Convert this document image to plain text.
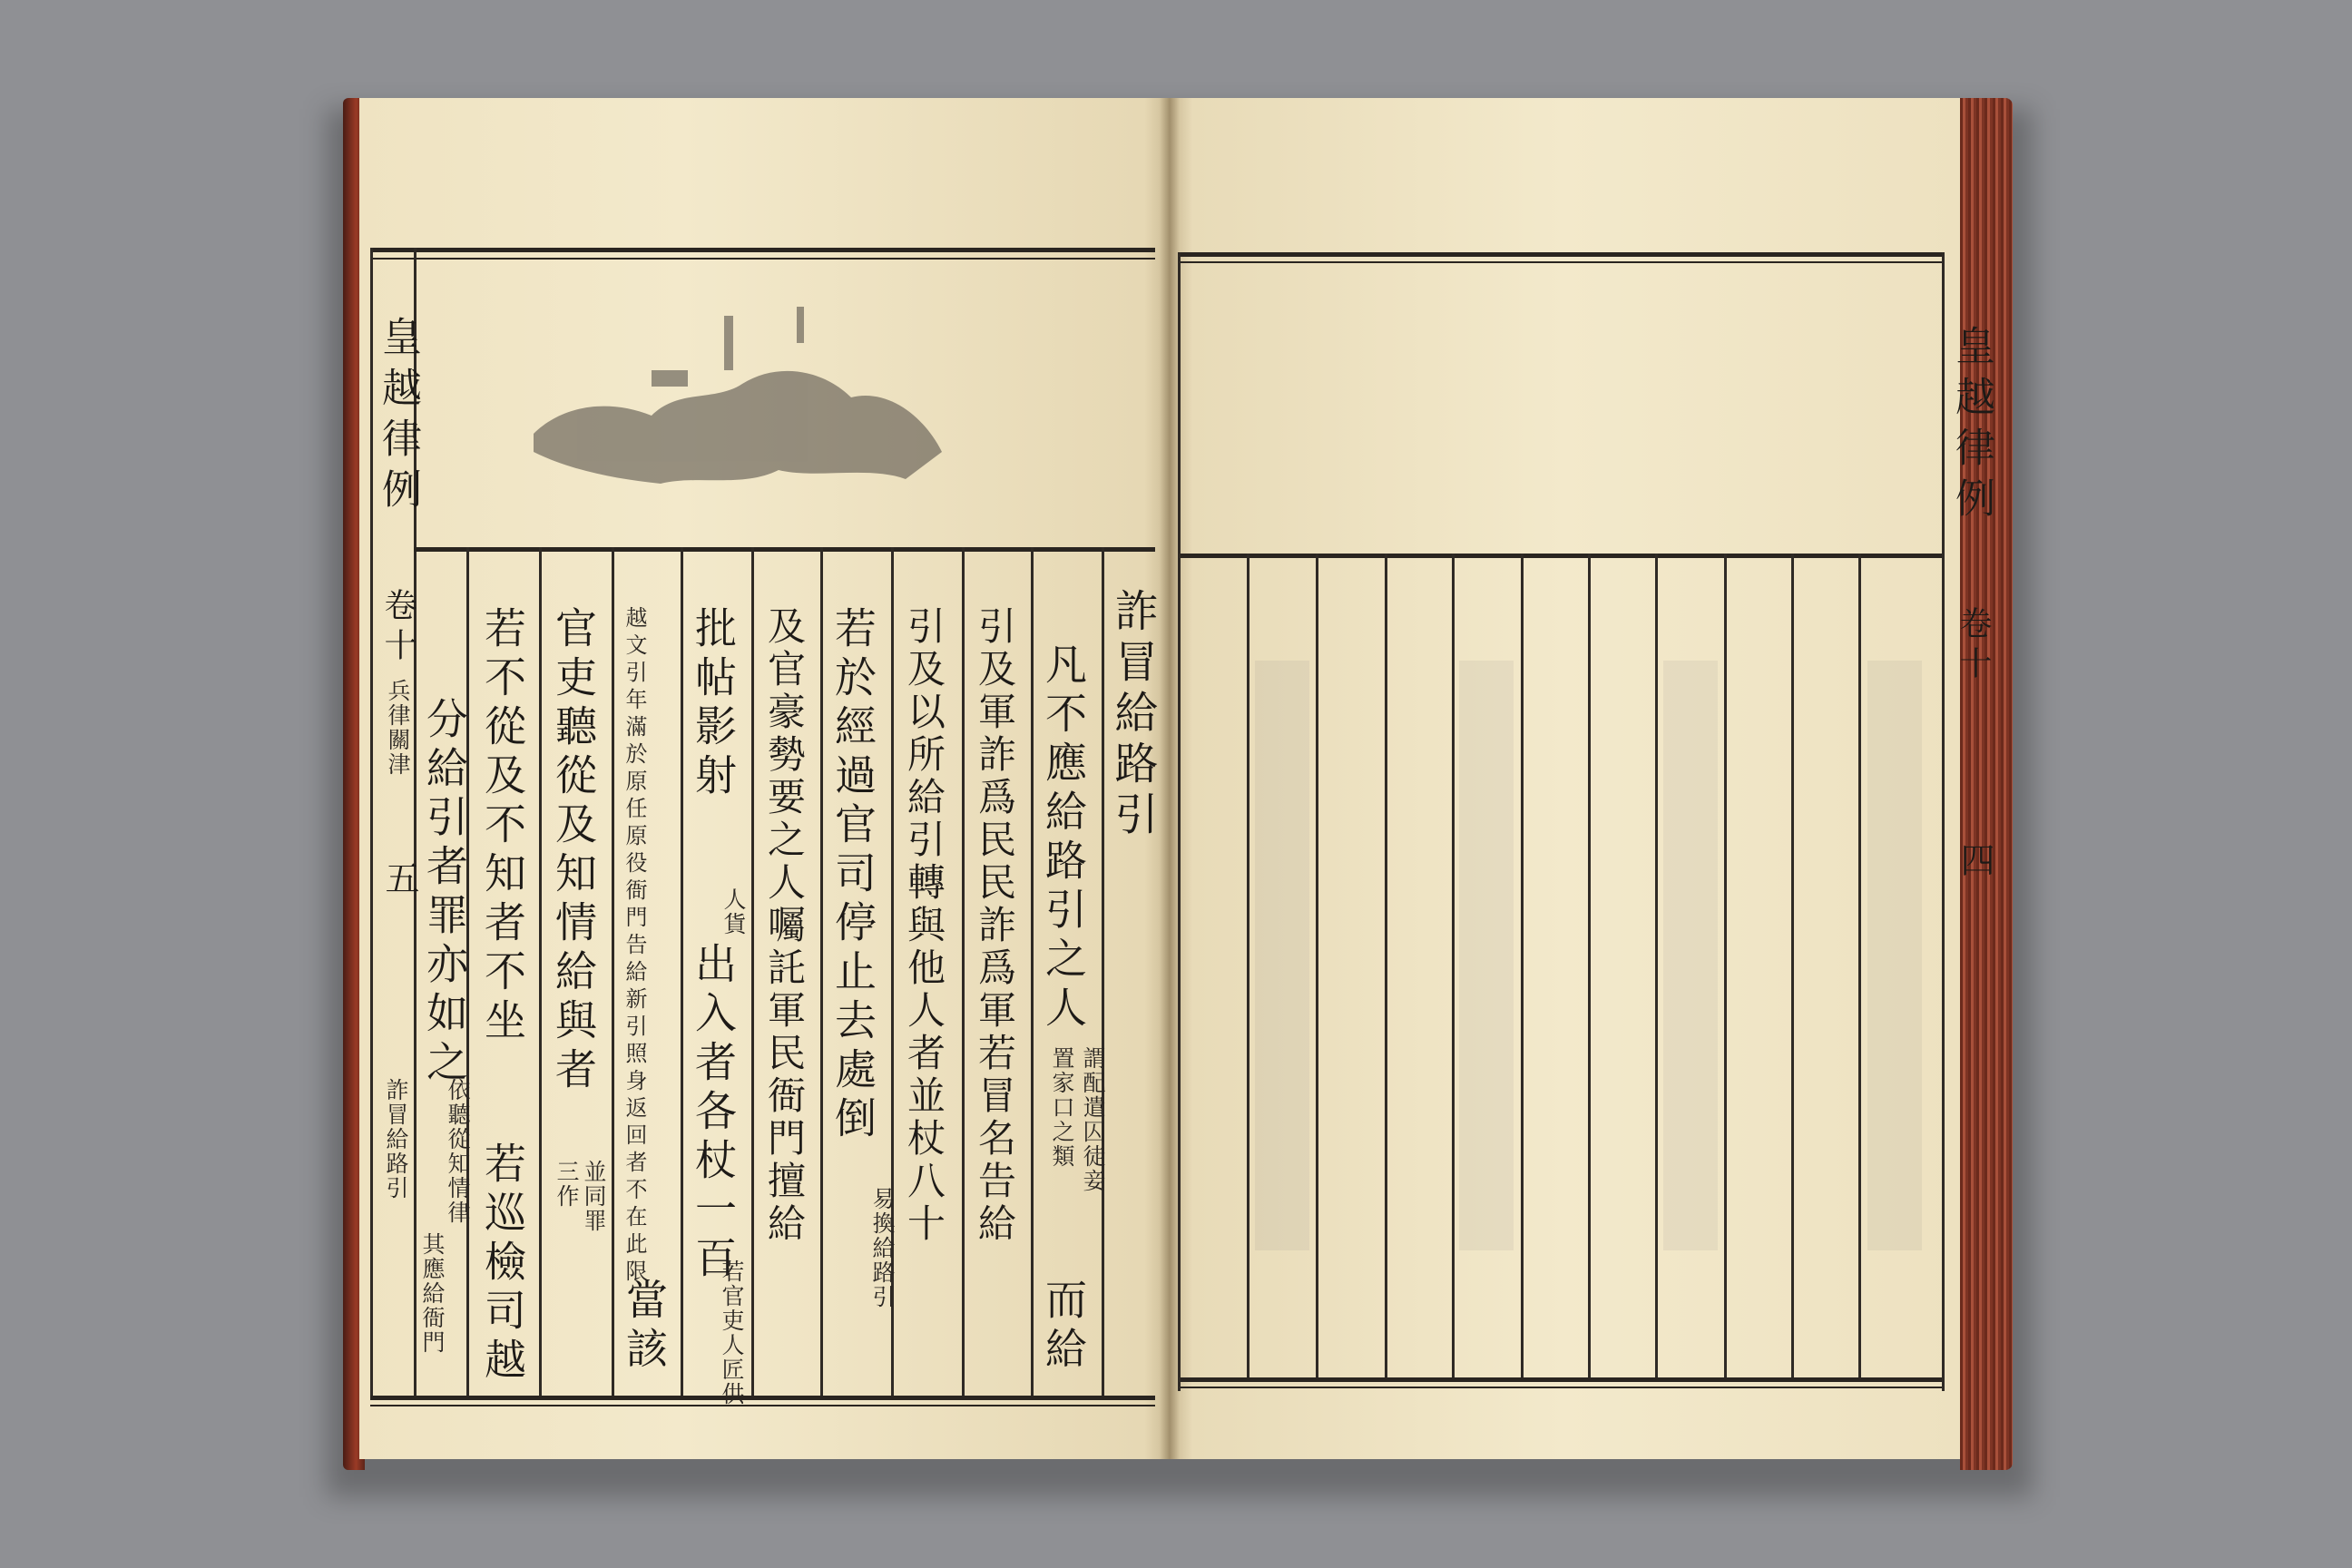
皇越律例
卷十
兵律關津
五
詐冒給路引
詐冒給路引
凡不應給路引之人
謂配遣囚徒妾
置家口之類
而給
引及軍詐爲民民詐爲軍若冒名告給
引及以所給引轉與他人者並杖八十
若於經過官司停止去處倒
易換給路引
及官豪勢要之人囑託軍民衙門擅給
批帖影射
人貨
出入者各杖一百
若官吏人匠供
越文引年滿於原任原役衙門告給新引照身返回者不在此限
當該
官吏聽從及知情給與者
並同罪
三作
若不從及不知者不坐
若巡檢司越
分給引者罪亦如之
依聽從知情律
其應給衙門
皇越律例
卷十
四
